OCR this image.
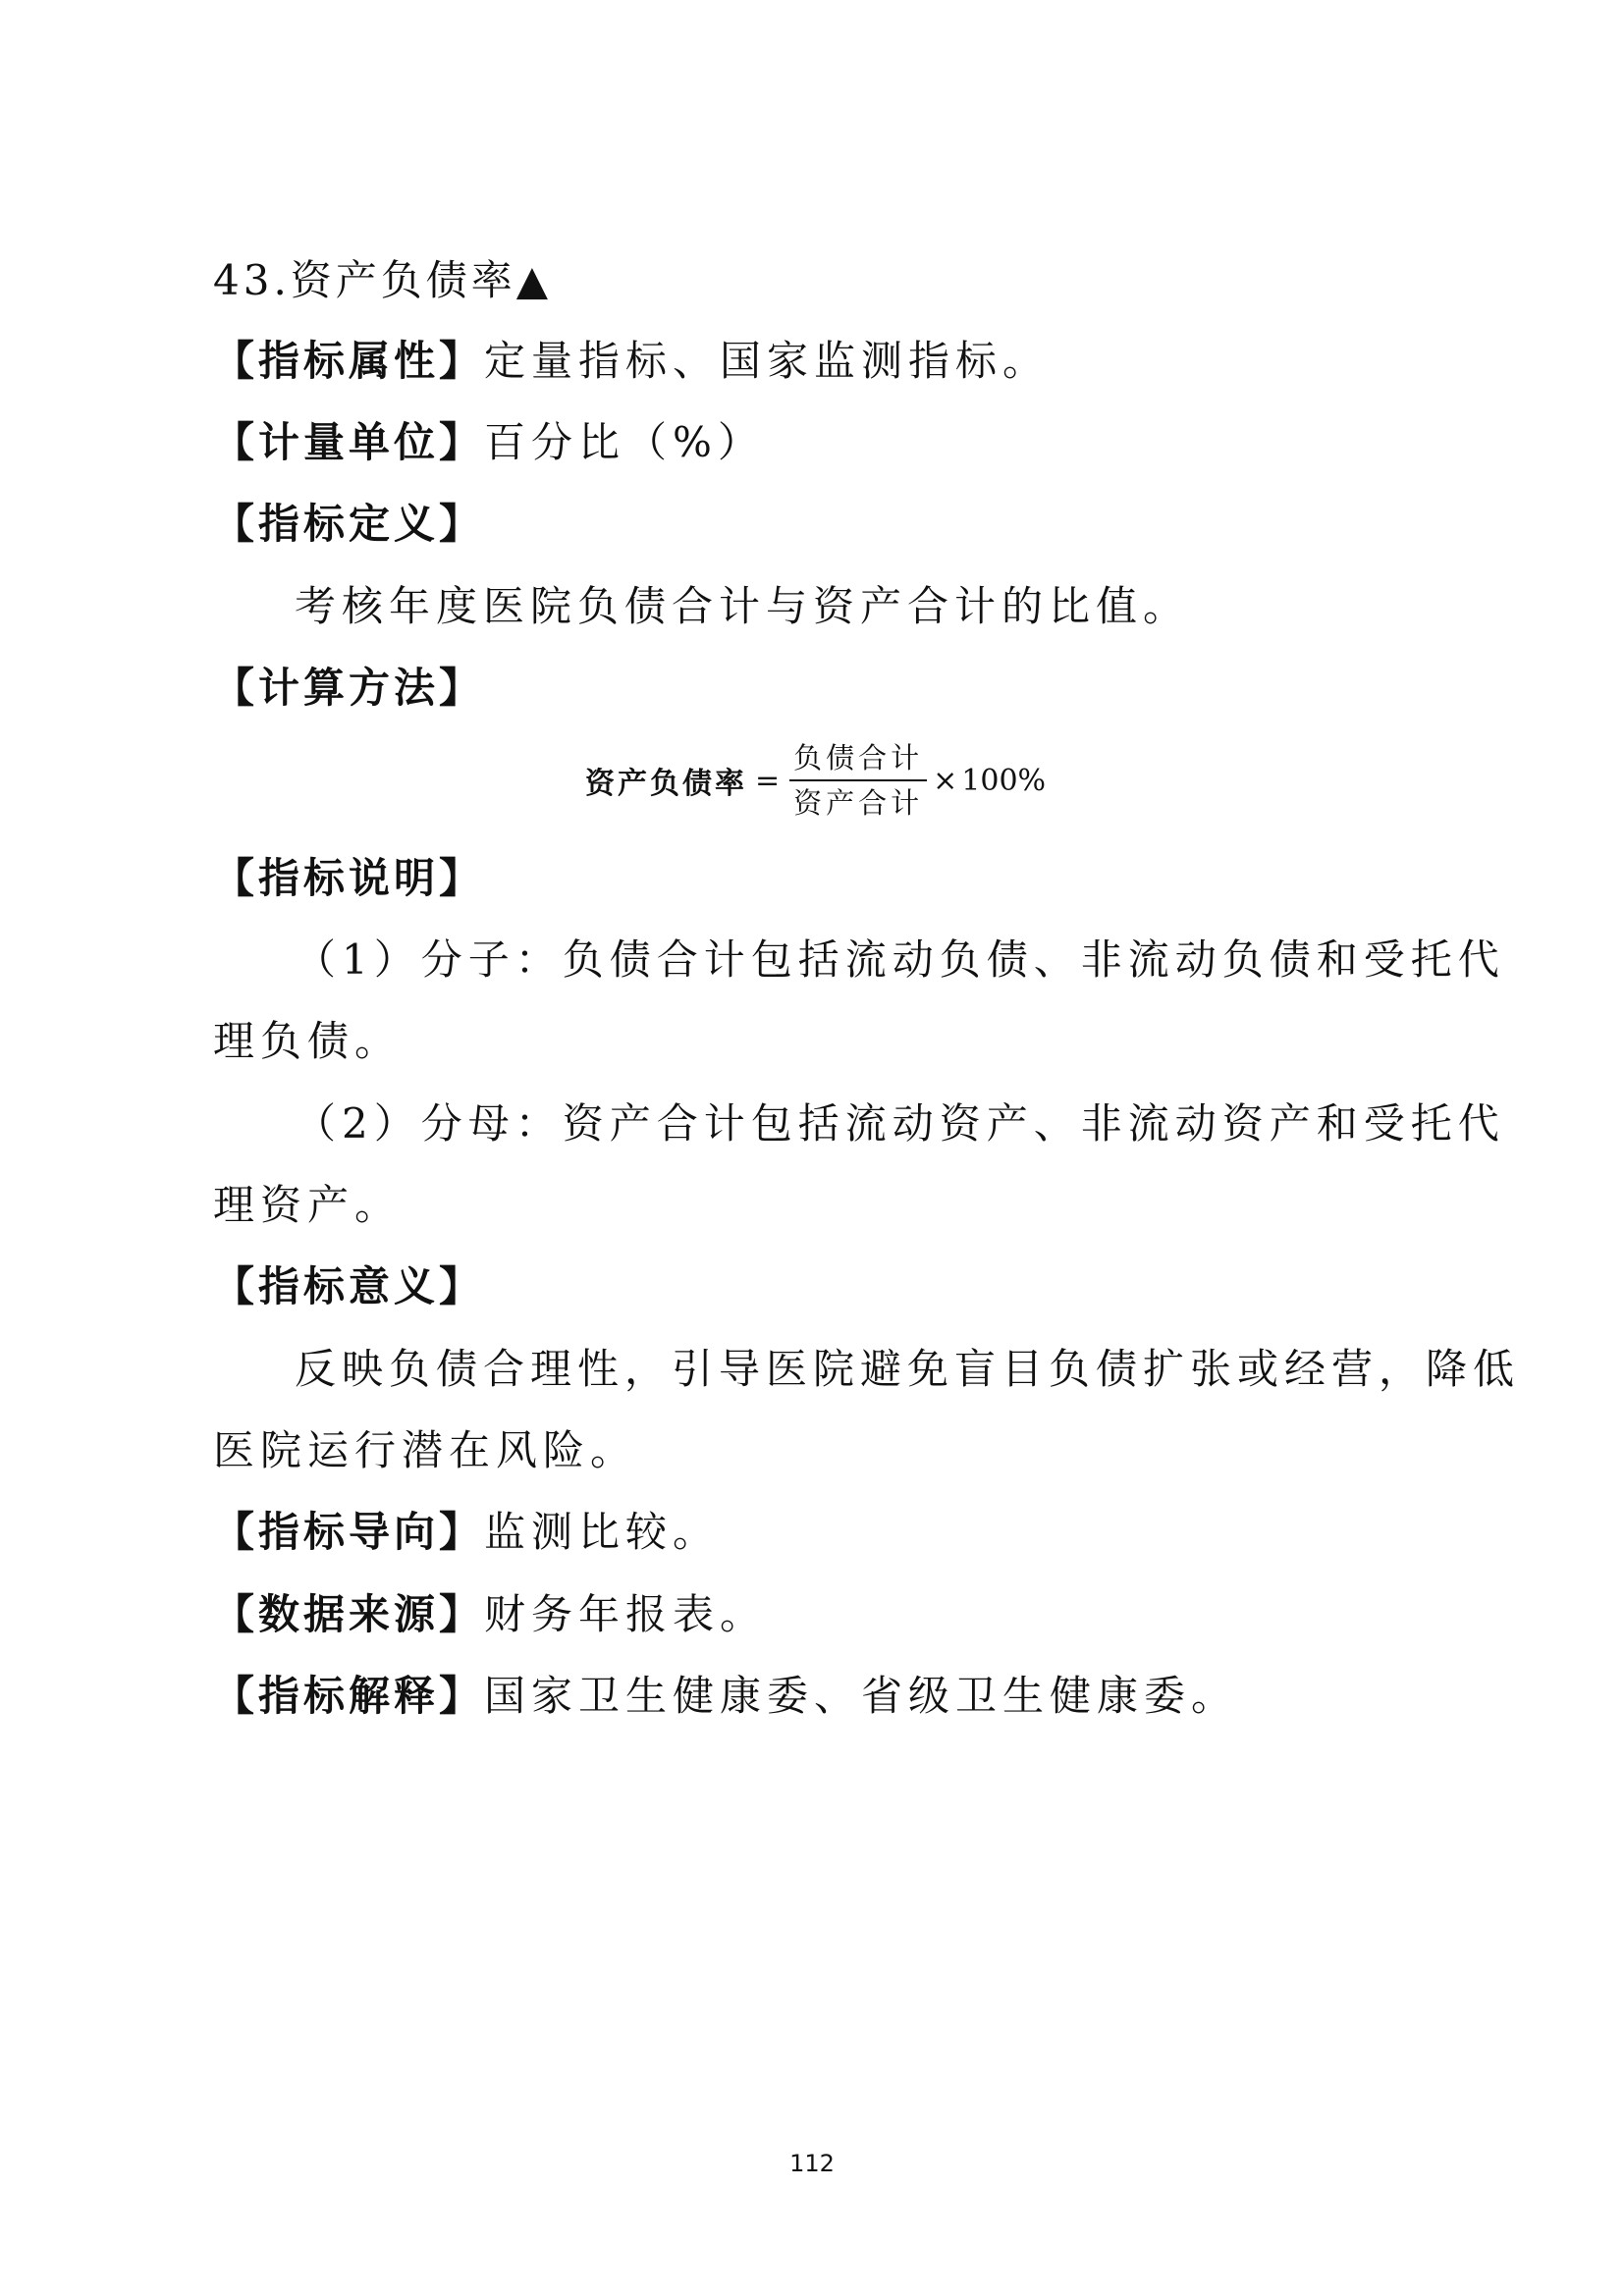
43.资产负债率▲
【指标属性】定量指标、国家监测指标。
【计量单位】百分比（%）
【指标定义】
考核年度医院负债合计与资产合计的比值。
【计算方法】
资产负债率 = $\frac{\text{负债合计}}{\text{资产合计}} \times 100\%$
【指标说明】
（1）分子：负债合计包括流动负债、非流动负债和受托代
理负债。
（2）分母：资产合计包括流动资产、非流动资产和受托代
理资产。
【指标意义】
反映负债合理性，引导医院避免盲目负债扩张或经营，降低
医院运行潜在风险。
【指标导向】监测比较。
【数据来源】财务年报表。
【指标解释】国家卫生健康委、省级卫生健康委。
112
